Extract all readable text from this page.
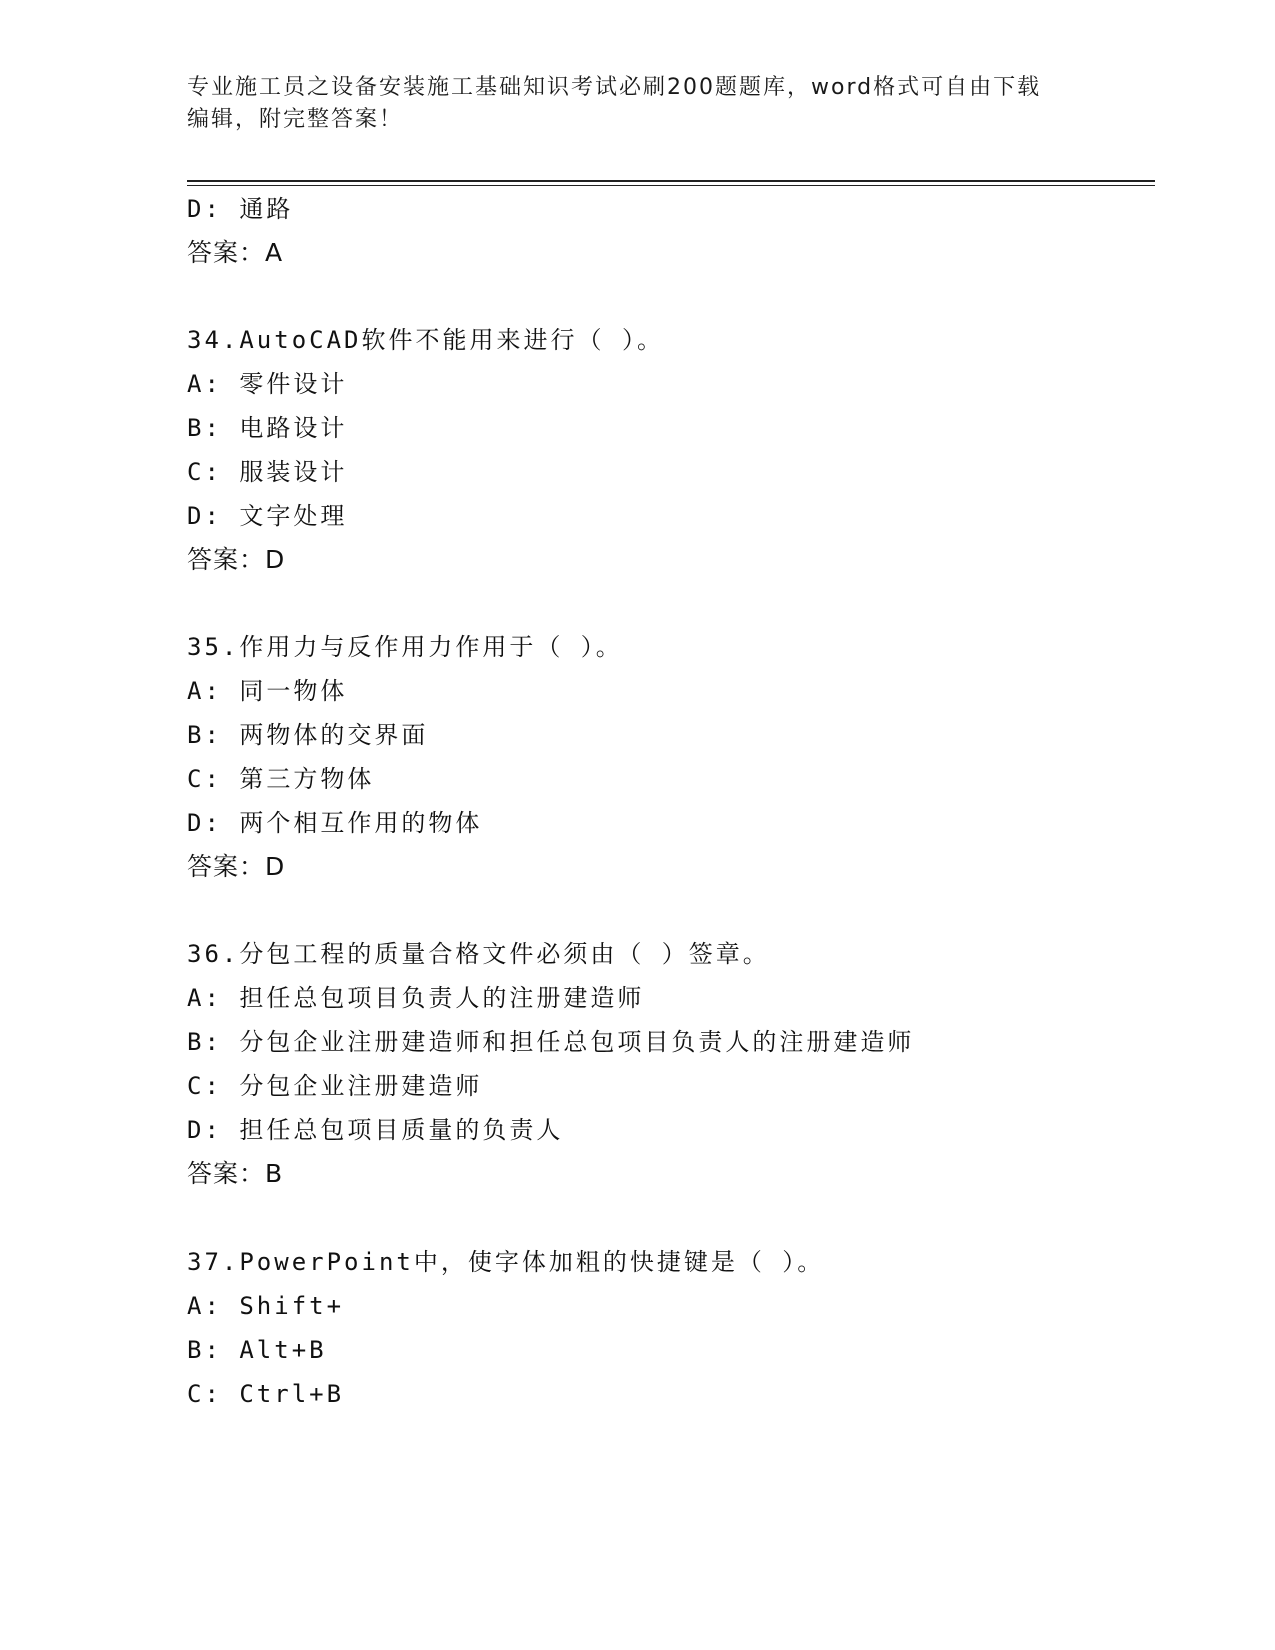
专业施工员之设备安装施工基础知识考试必刷200题题库，word格式可自由下载
编辑，附完整答案！
D: 通路
答案：A
34.AutoCAD软件不能用来进行（ ）。
A: 零件设计
B: 电路设计
C: 服装设计
D: 文字处理
答案：D
35.作用力与反作用力作用于（ ）。
A: 同一物体
B: 两物体的交界面
C: 第三方物体
D: 两个相互作用的物体
答案：D
36.分包工程的质量合格文件必须由（ ）签章。
A: 担任总包项目负责人的注册建造师
B: 分包企业注册建造师和担任总包项目负责人的注册建造师
C: 分包企业注册建造师
D: 担任总包项目质量的负责人
答案：B
37.PowerPoint中，使字体加粗的快捷键是（ ）。
A: Shift+
B: Alt+B
C: Ctrl+B
